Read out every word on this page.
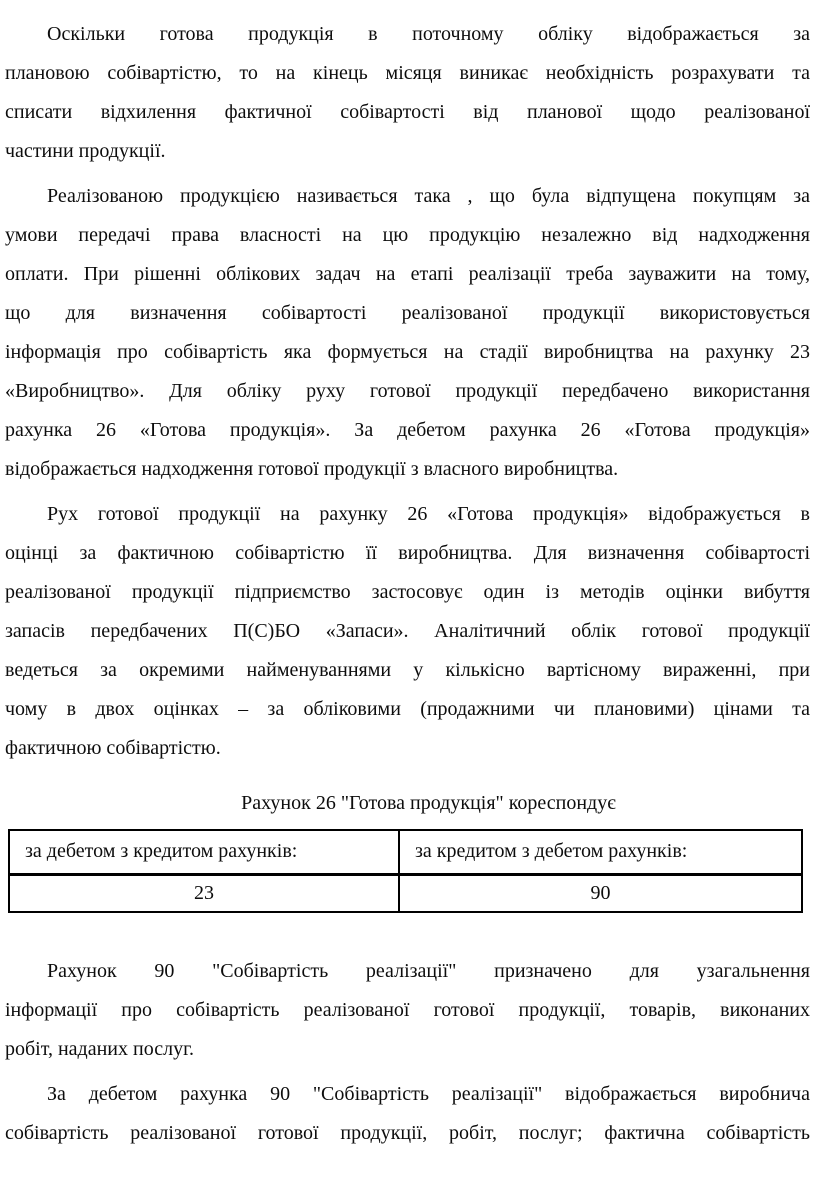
Оскільки готова продукція в поточному обліку відображається за
плановою собівартістю, то на кінець місяця виникає необхідність розрахувати та
списати відхилення фактичної собівартості від планової щодо реалізованої
частини продукції.
Реалізованою продукцією називається така , що була відпущена покупцям за
умови передачі права власності на цю продукцію незалежно від надходження
оплати. При рішенні облікових задач на етапі реалізації треба зауважити на тому,
що для визначення собівартості реалізованої продукції використовується
інформація про собівартість яка формується на стадії виробництва на рахунку 23
«Виробництво». Для обліку руху готової продукції передбачено використання
рахунка 26 «Готова продукція». За дебетом рахунка 26 «Готова продукція»
відображається надходження готової продукції з власного виробництва.
Рух готової продукції на рахунку 26 «Готова продукція» відображується в
оцінці за фактичною собівартістю її виробництва. Для визначення собівартості
реалізованої продукції підприємство застосовує один із методів оцінки вибуття
запасів передбачених П(С)БО «Запаси». Аналітичний облік готової продукції
ведеться за окремими найменуваннями у кількісно вартісному вираженні, при
чому в двох оцінках – за обліковими (продажними чи плановими) цінами та
фактичною собівартістю.
Рахунок 26 "Готова продукція" кореспондує
за дебетом з кредитом рахунків:	за кредитом з дебетом рахунків:
23	90
Рахунок 90 "Собівартість реалізації" призначено для узагальнення
інформації про собівартість реалізованої готової продукції, товарів, виконаних
робіт, наданих послуг.
За дебетом рахунка 90 "Собівартість реалізації" відображається виробнича
собівартість реалізованої готової продукції, робіт, послуг; фактична собівартість
